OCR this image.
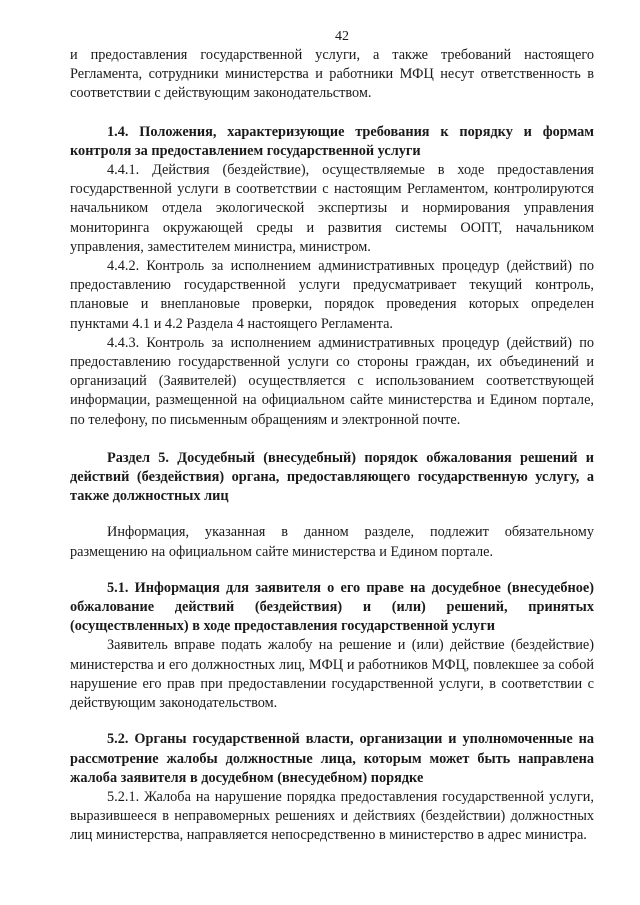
42

и предоставления государственной услуги, а также требований настоящего Регламента, сотрудники министерства и работники МФЦ несут ответственность в соответствии с действующим законодательством.

1.4. Положения, характеризующие требования к порядку и формам контроля за предоставлением государственной услуги

4.4.1. Действия (бездействие), осуществляемые в ходе предоставления государственной услуги в соответствии с настоящим Регламентом, контролируются начальником отдела экологической экспертизы и нормирования управления мониторинга окружающей среды и развития системы ООПТ, начальником управления, заместителем министра, министром.

4.4.2. Контроль за исполнением административных процедур (действий) по предоставлению государственной услуги предусматривает текущий контроль, плановые и внеплановые проверки, порядок проведения которых определен пунктами 4.1 и 4.2 Раздела 4 настоящего Регламента.

4.4.3. Контроль за исполнением административных процедур (действий) по предоставлению государственной услуги со стороны граждан, их объединений и организаций (Заявителей) осуществляется с использованием соответствующей информации, размещенной на официальном сайте министерства и Едином портале, по телефону, по письменным обращениям и электронной почте.

Раздел 5. Досудебный (внесудебный) порядок обжалования решений и действий (бездействия) органа, предоставляющего государственную услугу, а также должностных лиц

Информация, указанная в данном разделе, подлежит обязательному размещению на официальном сайте министерства и Едином портале.

5.1. Информация для заявителя о его праве на досудебное (внесудебное) обжалование действий (бездействия) и (или) решений, принятых (осуществленных) в ходе предоставления государственной услуги

Заявитель вправе подать жалобу на решение и (или) действие (бездействие) министерства и его должностных лиц, МФЦ и работников МФЦ, повлекшее за собой нарушение его прав при предоставлении государственной услуги, в соответствии с действующим законодательством.

5.2. Органы государственной власти, организации и уполномоченные на рассмотрение жалобы должностные лица, которым может быть направлена жалоба заявителя в досудебном (внесудебном) порядке

5.2.1. Жалоба на нарушение порядка предоставления государственной услуги, выразившееся в неправомерных решениях и действиях (бездействии) должностных лиц министерства, направляется непосредственно в министерство в адрес министра.
